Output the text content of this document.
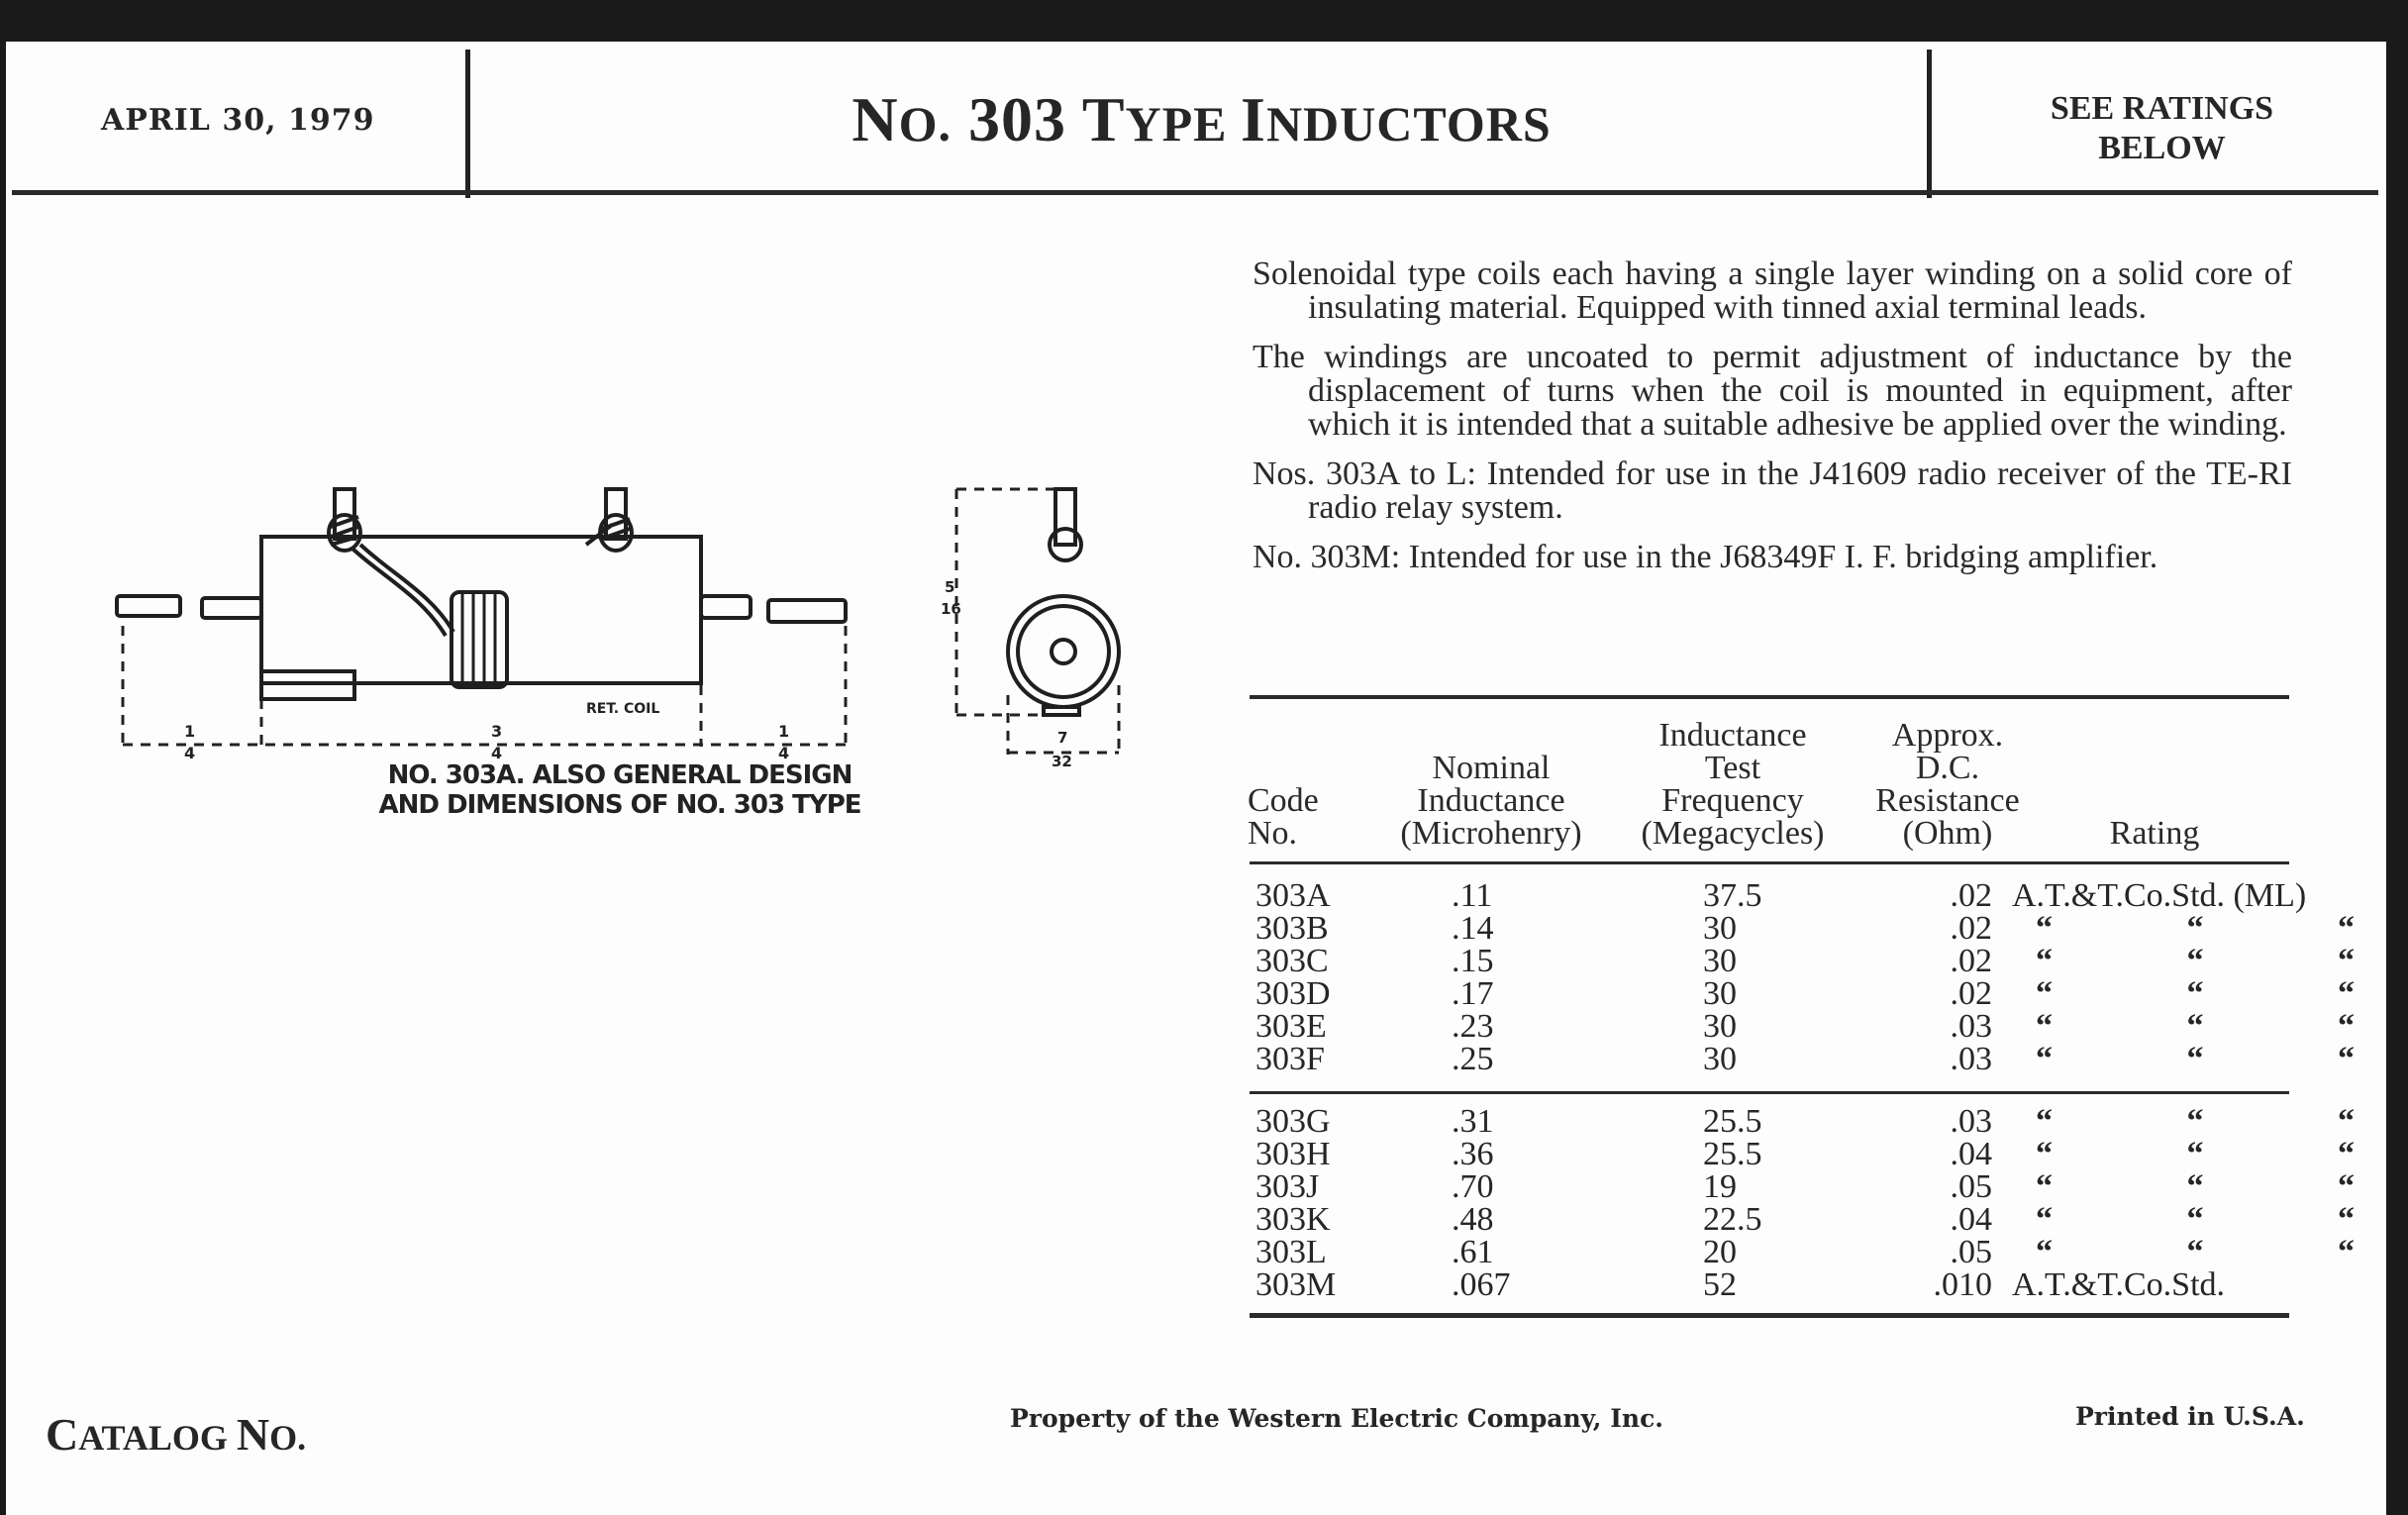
APRIL 30, 1979	NO. 303 TYPE INDUCTORS	SEE RATINGS
BELOW
RET. COIL
1
4
3
4
1
4
5
16
7
32
NO. 303A. ALSO GENERAL DESIGN
AND DIMENSIONS OF NO. 303 TYPE

Solenoidal type coils each having a single layer winding on a solid core of insulating material. Equipped with tinned axial terminal leads.

The windings are uncoated to permit adjustment of inductance by the displacement of turns when the coil is mounted in equipment, after which it is intended that a suitable adhesive be applied over the winding.

Nos. 303A to L: Intended for use in the J41609 radio receiver of the TE-RI radio relay system.

No. 303M: Intended for use in the J68349F I. F. bridging amplifier.

Code
No.
Nominal
Inductance
(Microhenry)
Inductance
Test
Frequency
(Megacycles)
Approx.
D.C.
Resistance
(Ohm)	Rating
303A	.11	37.5	.02 A.T.&T.Co.Std. (ML)
303B	.14	30	.02 “	“	“
303C	.15	30	.02 “	“	“
303D	.17	30	.02 “	“	“
303E	.23	30	.03 “	“	“
303F	.25	30	.03 “	“	“
303G	.31	25.5	.03 “	“	“
303H	.36	25.5	.04 “	“	“
303J	.70	19	.05 “	“	“
303K	.48	22.5	.04 “	“	“
303L	.61	20	.05 “	“	“
303M	.067	52	.010 A.T.&T.Co.Std.
CATALOG NO.	Property of the Western Electric Company, Inc.	Printed in U.S.A.
